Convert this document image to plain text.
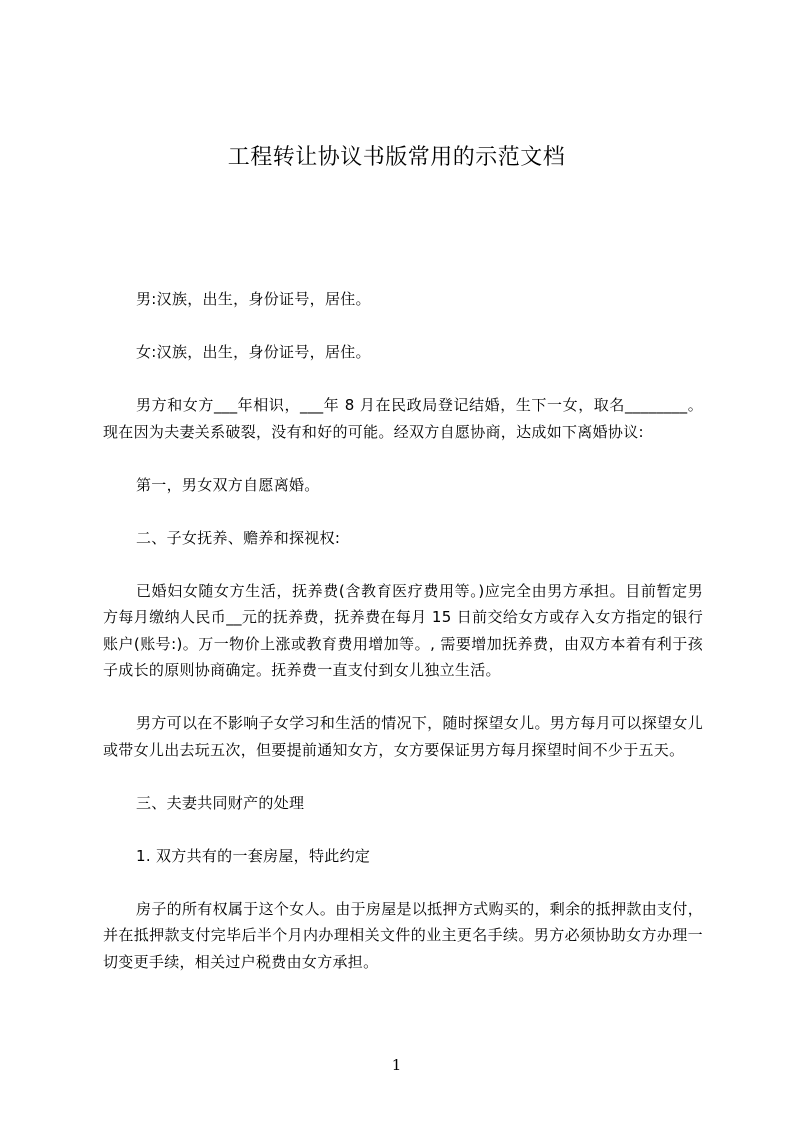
工程转让协议书版常用的示范文档

男:汉族，出生，身份证号，居住。

女:汉族，出生，身份证号，居住。

男方和女方___年相识，___年 8 月在民政局登记结婚，生下一女，取名________。现在因为夫妻关系破裂，没有和好的可能。经双方自愿协商，达成如下离婚协议:

第一，男女双方自愿离婚。

二、子女抚养、赡养和探视权:

已婚妇女随女方生活，抚养费(含教育医疗费用等。)应完全由男方承担。目前暂定男方每月缴纳人民币__元的抚养费，抚养费在每月 15 日前交给女方或存入女方指定的银行账户(账号:)。万一物价上涨或教育费用增加等。, 需要增加抚养费，由双方本着有利于孩子成长的原则协商确定。抚养费一直支付到女儿独立生活。

男方可以在不影响子女学习和生活的情况下，随时探望女儿。男方每月可以探望女儿或带女儿出去玩五次，但要提前通知女方，女方要保证男方每月探望时间不少于五天。

三、夫妻共同财产的处理

1. 双方共有的一套房屋，特此约定

房子的所有权属于这个女人。由于房屋是以抵押方式购买的，剩余的抵押款由支付，并在抵押款支付完毕后半个月内办理相关文件的业主更名手续。男方必须协助女方办理一切变更手续，相关过户税费由女方承担。

1
